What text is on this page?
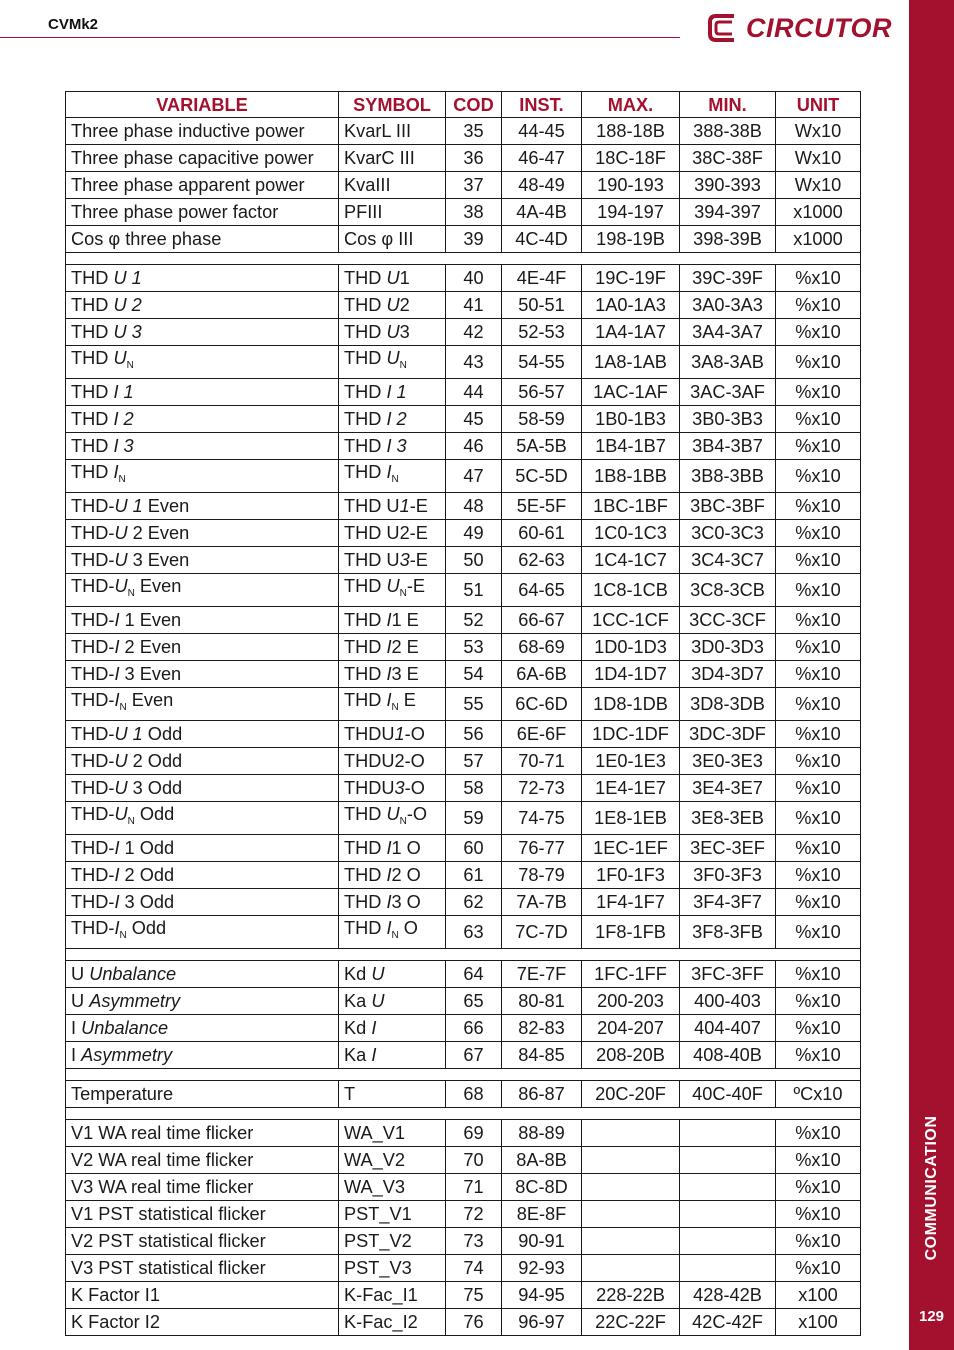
CVMk2	CIRCUTOR
COMMUNICATION
129
VARIABLE	SYMBOL	COD	INST.	MAX.	MIN.	UNIT
Three phase inductive power	KvarL III	35	44-45	188-18B	388-38B	Wx10
Three phase capacitive power	KvarC III	36	46-47	18C-18F	38C-38F	Wx10
Three phase apparent power	KvaIII	37	48-49	190-193	390-393	Wx10
Three phase power factor	PFIII	38	4A-4B	194-197	394-397	x1000
Cos φ three phase	Cos φ III	39	4C-4D	198-19B	398-39B	x1000

THD U 1	THD U1	40	4E-4F	19C-19F	39C-39F	%x10
THD U 2	THD U2	41	50-51	1A0-1A3	3A0-3A3	%x10
THD U 3	THD U3	42	52-53	1A4-1A7	3A4-3A7	%x10
THD $U_N$	THD $U_N$	43	54-55	1A8-1AB	3A8-3AB	%x10
THD I 1	THD I 1	44	56-57	1AC-1AF	3AC-3AF	%x10
THD I 2	THD I 2	45	58-59	1B0-1B3	3B0-3B3	%x10
THD I 3	THD I 3	46	5A-5B	1B4-1B7	3B4-3B7	%x10
THD $I_N$	THD $I_N$	47	5C-5D	1B8-1BB	3B8-3BB	%x10
THD-U 1 Even	THD U1-E	48	5E-5F	1BC-1BF	3BC-3BF	%x10
THD-U 2 Even	THD U2-E	49	60-61	1C0-1C3	3C0-3C3	%x10
THD-U 3 Even	THD U3-E	50	62-63	1C4-1C7	3C4-3C7	%x10
THD-$U_N$ Even	THD $U_N-E$	51	64-65	1C8-1CB	3C8-3CB	%x10
THD-I 1 Even	THD I1 E	52	66-67	1CC-1CF	3CC-3CF	%x10
THD-I 2 Even	THD I2 E	53	68-69	1D0-1D3	3D0-3D3	%x10
THD-I 3 Even	THD I3 E	54	6A-6B	1D4-1D7	3D4-3D7	%x10
THD-$I_N$ Even	THD $I_N$ E	55	6C-6D	1D8-1DB	3D8-3DB	%x10
THD-U 1 Odd	THDU1-O	56	6E-6F	1DC-1DF	3DC-3DF	%x10
THD-U 2 Odd	THDU2-O	57	70-71	1E0-1E3	3E0-3E3	%x10
THD-U 3 Odd	THDU3-O	58	72-73	1E4-1E7	3E4-3E7	%x10
THD-$U_N$ Odd	THD $U_N-O$	59	74-75	1E8-1EB	3E8-3EB	%x10
THD-I 1 Odd	THD I1 O	60	76-77	1EC-1EF	3EC-3EF	%x10
THD-I 2 Odd	THD I2 O	61	78-79	1F0-1F3	3F0-3F3	%x10
THD-I 3 Odd	THD I3 O	62	7A-7B	1F4-1F7	3F4-3F7	%x10
THD-$I_N$ Odd	THD $I_N$ O	63	7C-7D	1F8-1FB	3F8-3FB	%x10

U Unbalance	Kd U	64	7E-7F	1FC-1FF	3FC-3FF	%x10
U Asymmetry	Ka U	65	80-81	200-203	400-403	%x10
I Unbalance	Kd I	66	82-83	204-207	404-407	%x10
I Asymmetry	Ka I	67	84-85	208-20B	408-40B	%x10

Temperature	T	68	86-87	20C-20F	40C-40F	ºCx10

V1 WA real time flicker	WA_V1	69	88-89			%x10
V2 WA real time flicker	WA_V2	70	8A-8B			%x10
V3 WA real time flicker	WA_V3	71	8C-8D			%x10
V1 PST statistical flicker	PST_V1	72	8E-8F			%x10
V2 PST statistical flicker	PST_V2	73	90-91			%x10
V3 PST statistical flicker	PST_V3	74	92-93			%x10
K Factor I1	K-Fac_I1	75	94-95	228-22B	428-42B	x100
K Factor I2	K-Fac_I2	76	96-97	22C-22F	42C-42F	x100
